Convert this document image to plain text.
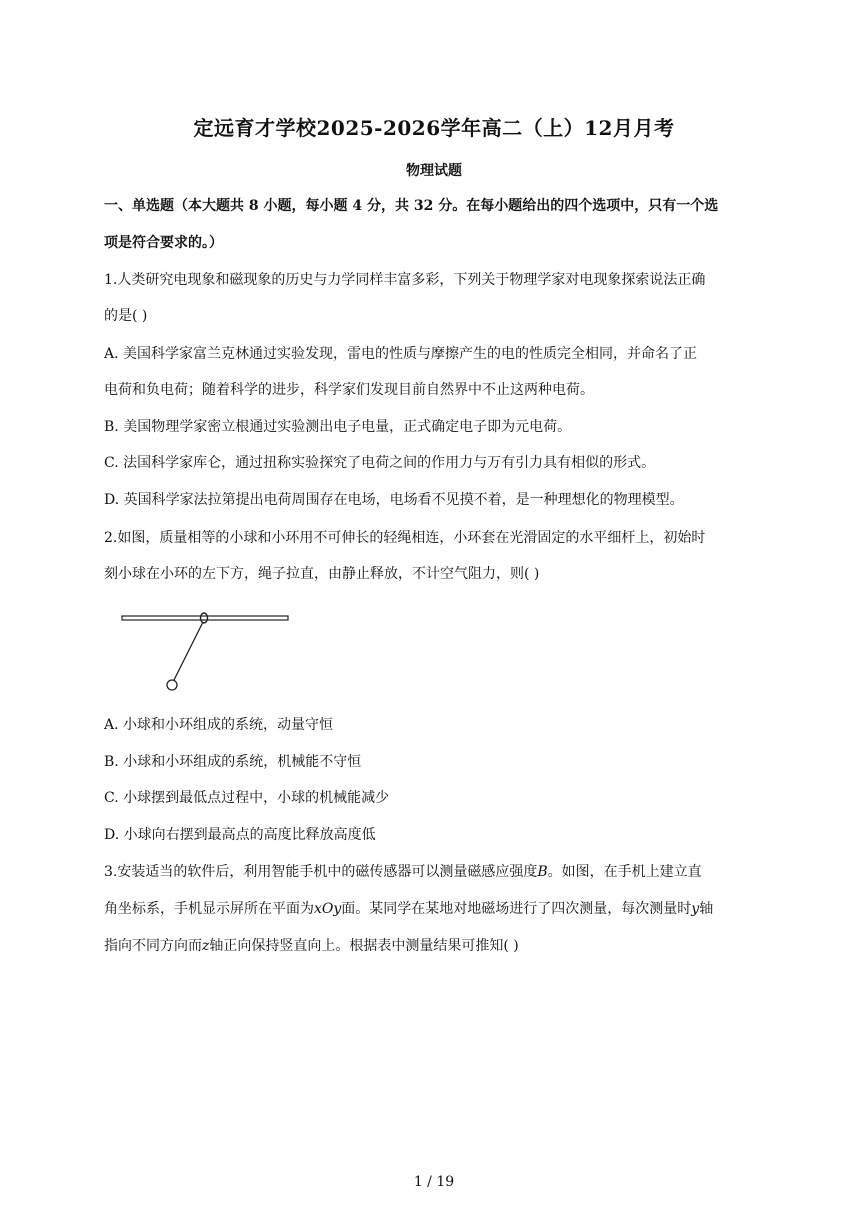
定远育才学校2025-2026学年高二（上）12月月考
物理试题
一、单选题（本大题共 8 小题，每小题 4 分，共 32 分。在每小题给出的四个选项中，只有一个选
项是符合要求的。）
1.人类研究电现象和磁现象的历史与力学同样丰富多彩，下列关于物理学家对电现象探索说法正确
的是( )
A. 美国科学家富兰克林通过实验发现，雷电的性质与摩擦产生的电的性质完全相同，并命名了正
电荷和负电荷；随着科学的进步，科学家们发现目前自然界中不止这两种电荷。
B. 美国物理学家密立根通过实验测出电子电量，正式确定电子即为元电荷。
C. 法国科学家库仑，通过扭称实验探究了电荷之间的作用力与万有引力具有相似的形式。
D. 英国科学家法拉第提出电荷周围存在电场，电场看不见摸不着，是一种理想化的物理模型。
2.如图，质量相等的小球和小环用不可伸长的轻绳相连，小环套在光滑固定的水平细杆上，初始时
刻小球在小环的左下方，绳子拉直，由静止释放，不计空气阻力，则( )
A. 小球和小环组成的系统，动量守恒
B. 小球和小环组成的系统，机械能不守恒
C. 小球摆到最低点过程中，小球的机械能减少
D. 小球向右摆到最高点的高度比释放高度低
3.安装适当的软件后，利用智能手机中的磁传感器可以测量磁感应强度B。如图，在手机上建立直
角坐标系，手机显示屏所在平面为xOy面。某同学在某地对地磁场进行了四次测量，每次测量时y轴
指向不同方向而z轴正向保持竖直向上。根据表中测量结果可推知( )
1 / 19
